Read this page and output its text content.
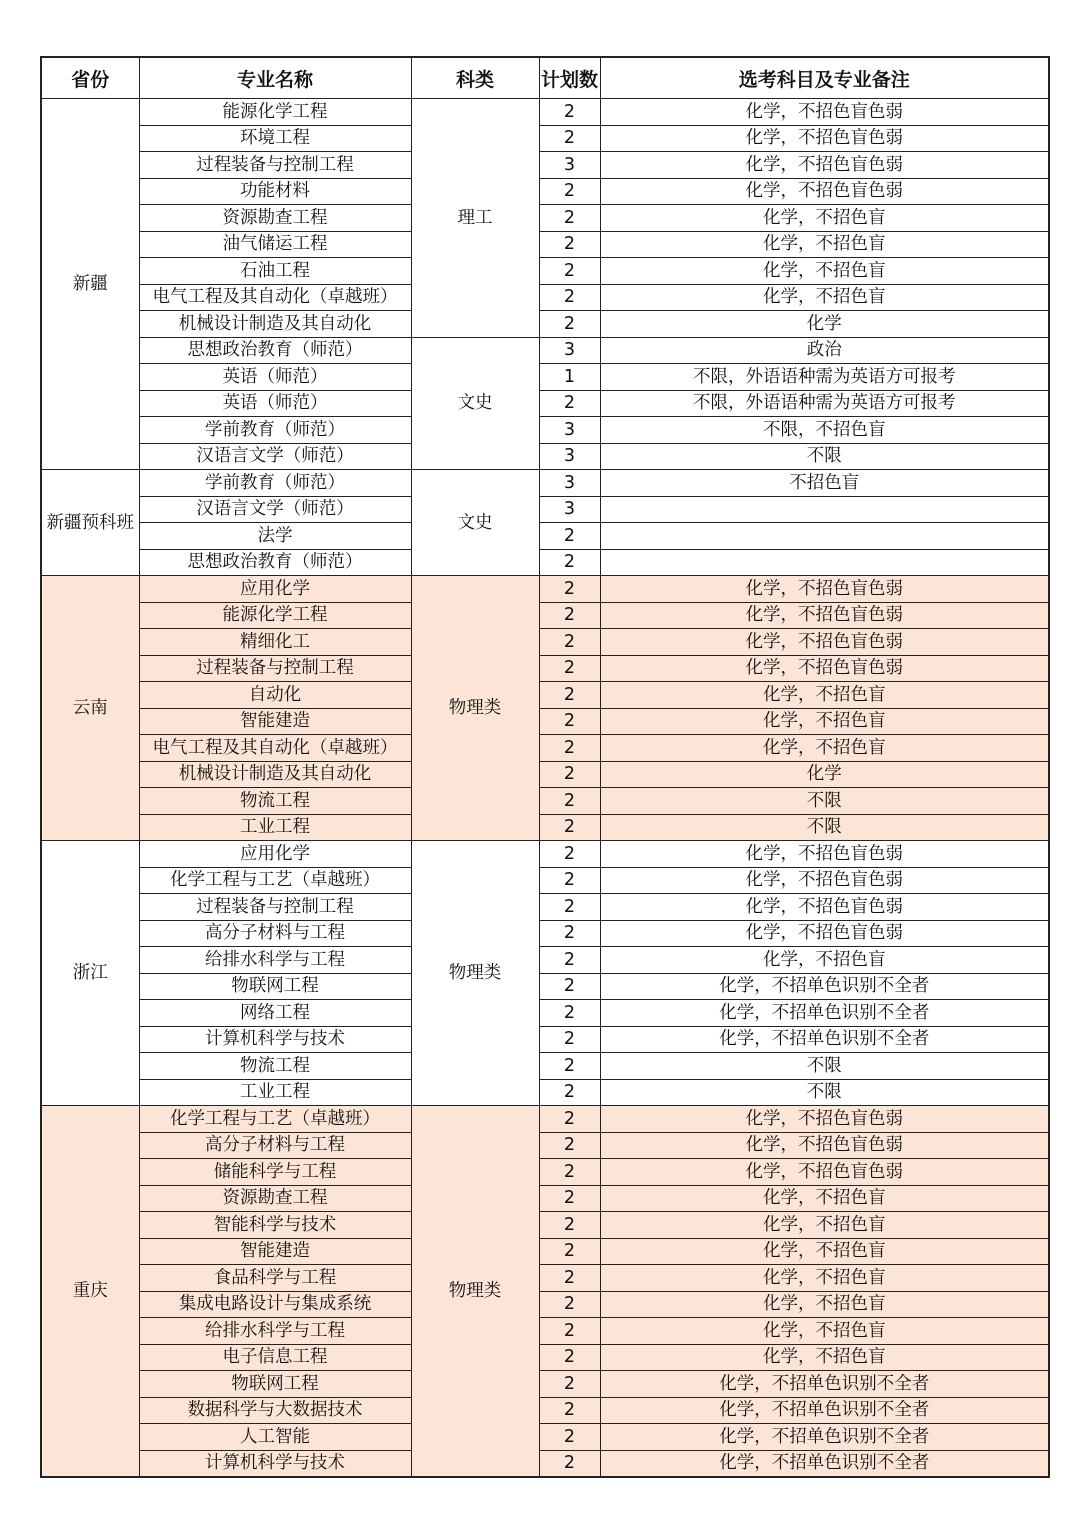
省份	专业名称	科类	计划数	选考科目及专业备注
新疆	能源化学工程	理工	2	化学，不招色盲色弱
	环境工程		2	化学，不招色盲色弱
	过程装备与控制工程		3	化学，不招色盲色弱
	功能材料		2	化学，不招色盲色弱
	资源勘查工程		2	化学，不招色盲
	油气储运工程		2	化学，不招色盲
	石油工程		2	化学，不招色盲
	电气工程及其自动化（卓越班）		2	化学，不招色盲
	机械设计制造及其自动化		2	化学
	思想政治教育（师范）	文史	3	政治
	英语（师范）		1	不限，外语语种需为英语方可报考
	英语（师范）		2	不限，外语语种需为英语方可报考
	学前教育（师范）		3	不限，不招色盲
	汉语言文学（师范）		3	不限
新疆预科班	学前教育（师范）	文史	3	不招色盲
	汉语言文学（师范）		3	
	法学		2	
	思想政治教育（师范）		2	
云南	应用化学	物理类	2	化学，不招色盲色弱
	能源化学工程		2	化学，不招色盲色弱
	精细化工		2	化学，不招色盲色弱
	过程装备与控制工程		2	化学，不招色盲色弱
	自动化		2	化学，不招色盲
	智能建造		2	化学，不招色盲
	电气工程及其自动化（卓越班）		2	化学，不招色盲
	机械设计制造及其自动化		2	化学
	物流工程		2	不限
	工业工程		2	不限
浙江	应用化学	物理类	2	化学，不招色盲色弱
	化学工程与工艺（卓越班）		2	化学，不招色盲色弱
	过程装备与控制工程		2	化学，不招色盲色弱
	高分子材料与工程		2	化学，不招色盲色弱
	给排水科学与工程		2	化学，不招色盲
	物联网工程		2	化学，不招单色识别不全者
	网络工程		2	化学，不招单色识别不全者
	计算机科学与技术		2	化学，不招单色识别不全者
	物流工程		2	不限
	工业工程		2	不限
重庆	化学工程与工艺（卓越班）	物理类	2	化学，不招色盲色弱
	高分子材料与工程		2	化学，不招色盲色弱
	储能科学与工程		2	化学，不招色盲色弱
	资源勘查工程		2	化学，不招色盲
	智能科学与技术		2	化学，不招色盲
	智能建造		2	化学，不招色盲
	食品科学与工程		2	化学，不招色盲
	集成电路设计与集成系统		2	化学，不招色盲
	给排水科学与工程		2	化学，不招色盲
	电子信息工程		2	化学，不招色盲
	物联网工程		2	化学，不招单色识别不全者
	数据科学与大数据技术		2	化学，不招单色识别不全者
	人工智能		2	化学，不招单色识别不全者
	计算机科学与技术		2	化学，不招单色识别不全者
